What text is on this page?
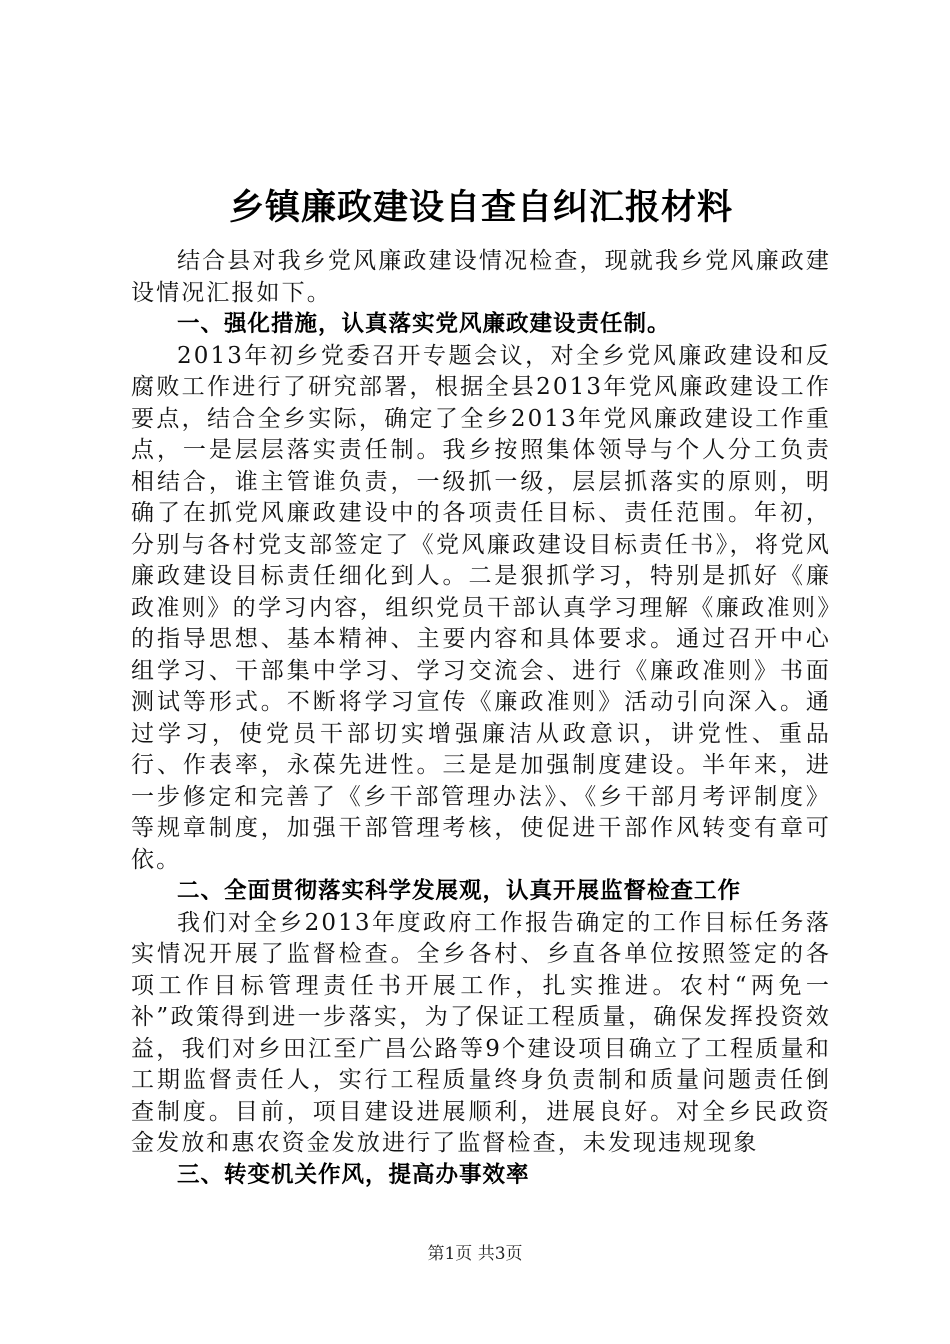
乡镇廉政建设自查自纠汇报材料

结合县对我乡党风廉政建设情况检查，现就我乡党风廉政建设情况汇报如下。

一、强化措施，认真落实党风廉政建设责任制。

2013年初乡党委召开专题会议，对全乡党风廉政建设和反腐败工作进行了研究部署，根据全县2013年党风廉政建设工作要点，结合全乡实际，确定了全乡2013年党风廉政建设工作重点，一是层层落实责任制。我乡按照集体领导与个人分工负责相结合，谁主管谁负责，一级抓一级，层层抓落实的原则，明确了在抓党风廉政建设中的各项责任目标、责任范围。年初，分别与各村党支部签定了《党风廉政建设目标责任书》，将党风廉政建设目标责任细化到人。二是狠抓学习，特别是抓好《廉政准则》的学习内容，组织党员干部认真学习理解《廉政准则》的指导思想、基本精神、主要内容和具体要求。通过召开中心组学习、干部集中学习、学习交流会、进行《廉政准则》书面测试等形式。不断将学习宣传《廉政准则》活动引向深入。通过学习，使党员干部切实增强廉洁从政意识，讲党性、重品行、作表率，永葆先进性。三是是加强制度建设。半年来，进一步修定和完善了《乡干部管理办法》、《乡干部月考评制度》等规章制度，加强干部管理考核，使促进干部作风转变有章可依。

二、全面贯彻落实科学发展观，认真开展监督检查工作

我们对全乡2013年度政府工作报告确定的工作目标任务落实情况开展了监督检查。全乡各村、乡直各单位按照签定的各项工作目标管理责任书开展工作，扎实推进。农村“两免一补”政策得到进一步落实，为了保证工程质量，确保发挥投资效益，我们对乡田江至广昌公路等9个建设项目确立了工程质量和工期监督责任人，实行工程质量终身负责制和质量问题责任倒查制度。目前，项目建设进展顺利，进展良好。对全乡民政资金发放和惠农资金发放进行了监督检查，未发现违规现象

三、转变机关作风，提高办事效率

第1页 共3页
